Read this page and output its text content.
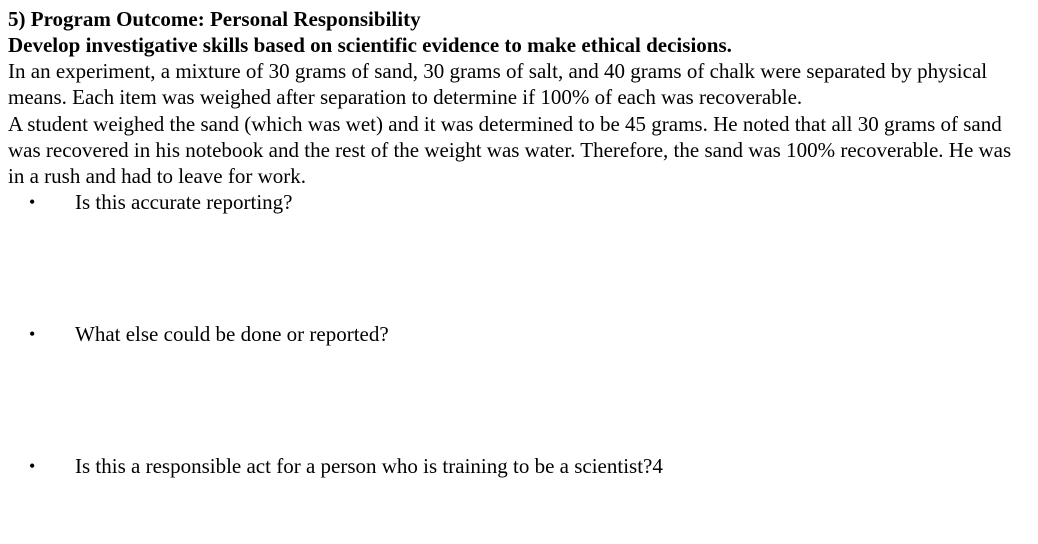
5) Program Outcome: Personal Responsibility

Develop investigative skills based on scientific evidence to make ethical decisions.

In an experiment, a mixture of 30 grams of sand, 30 grams of salt, and 40 grams of chalk were separated by physical means. Each item was weighed after separation to determine if 100% of each was recoverable.

A student weighed the sand (which was wet) and it was determined to be 45 grams. He noted that all 30 grams of sand was recovered in his notebook and the rest of the weight was water. Therefore, the sand was 100% recoverable. He was in a rush and had to leave for work.

• Is this accurate reporting?
• What else could be done or reported?
• Is this a responsible act for a person who is training to be a scientist?4
